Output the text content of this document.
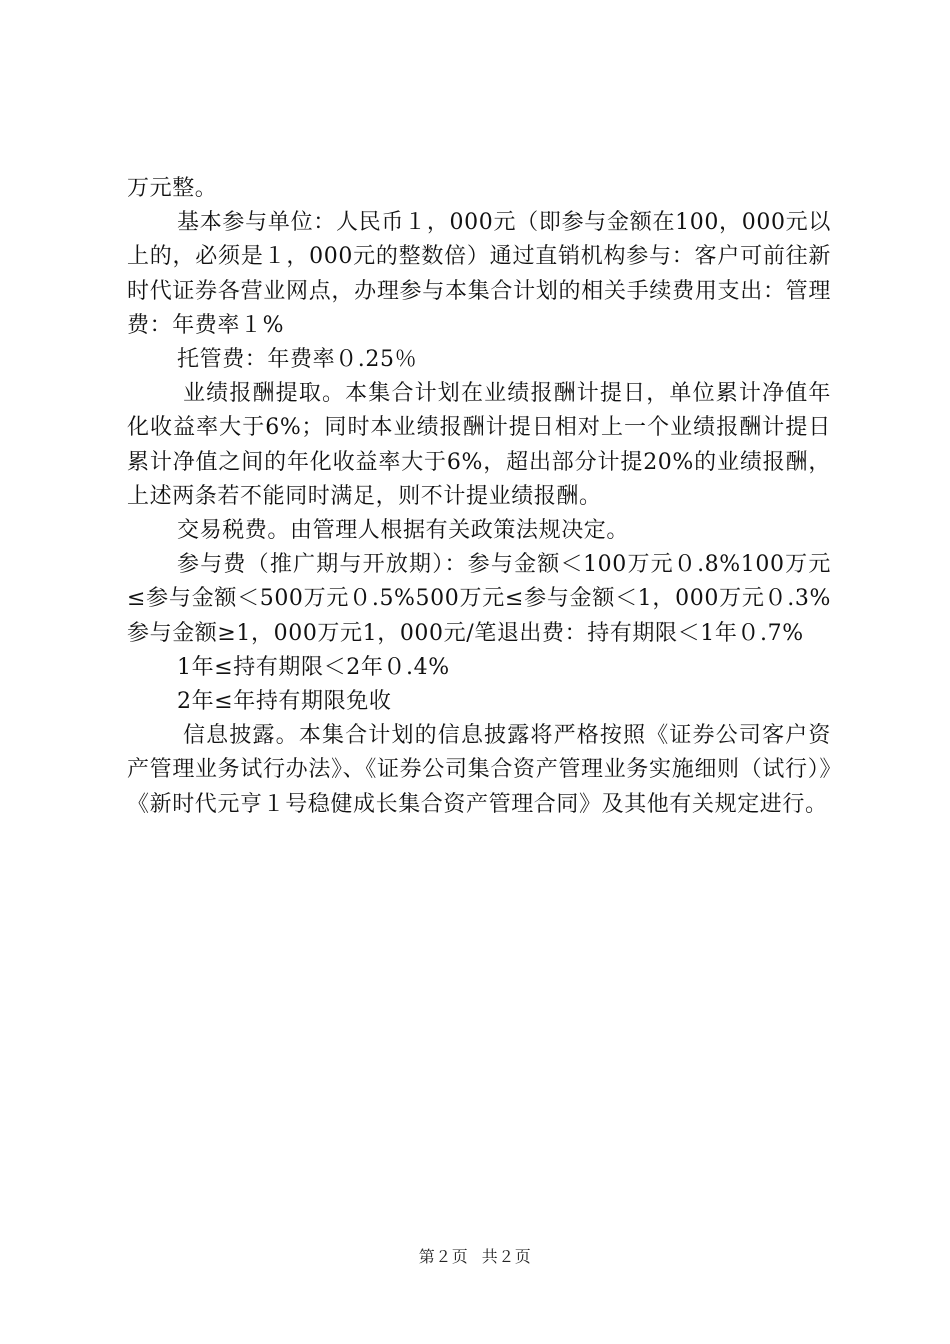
万元整。

基本参与单位：人民币１，000元（即参与金额在100，000元以上的，必须是１，000元的整数倍）通过直销机构参与：客户可前往新时代证券各营业网点，办理参与本集合计划的相关手续费用支出：管理费：年费率１%

托管费：年费率０.25％

业绩报酬提取。本集合计划在业绩报酬计提日，单位累计净值年化收益率大于6%；同时本业绩报酬计提日相对上一个业绩报酬计提日累计净值之间的年化收益率大于6%，超出部分计提20%的业绩报酬，上述两条若不能同时满足，则不计提业绩报酬。

交易税费。由管理人根据有关政策法规决定。

参与费（推广期与开放期）：参与金额＜100万元０.8%100万元≤参与金额＜500万元０.5%500万元≤参与金额＜1，000万元０.3%参与金额≥1，000万元1，000元/笔退出费：持有期限＜1年０.7%

1年≤持有期限＜2年０.4%

2年≤年持有期限免收

信息披露。本集合计划的信息披露将严格按照《证券公司客户资产管理业务试行办法》、《证券公司集合资产管理业务实施细则（试行）》《新时代元亨１号稳健成长集合资产管理合同》及其他有关规定进行。

第２页 共２页
